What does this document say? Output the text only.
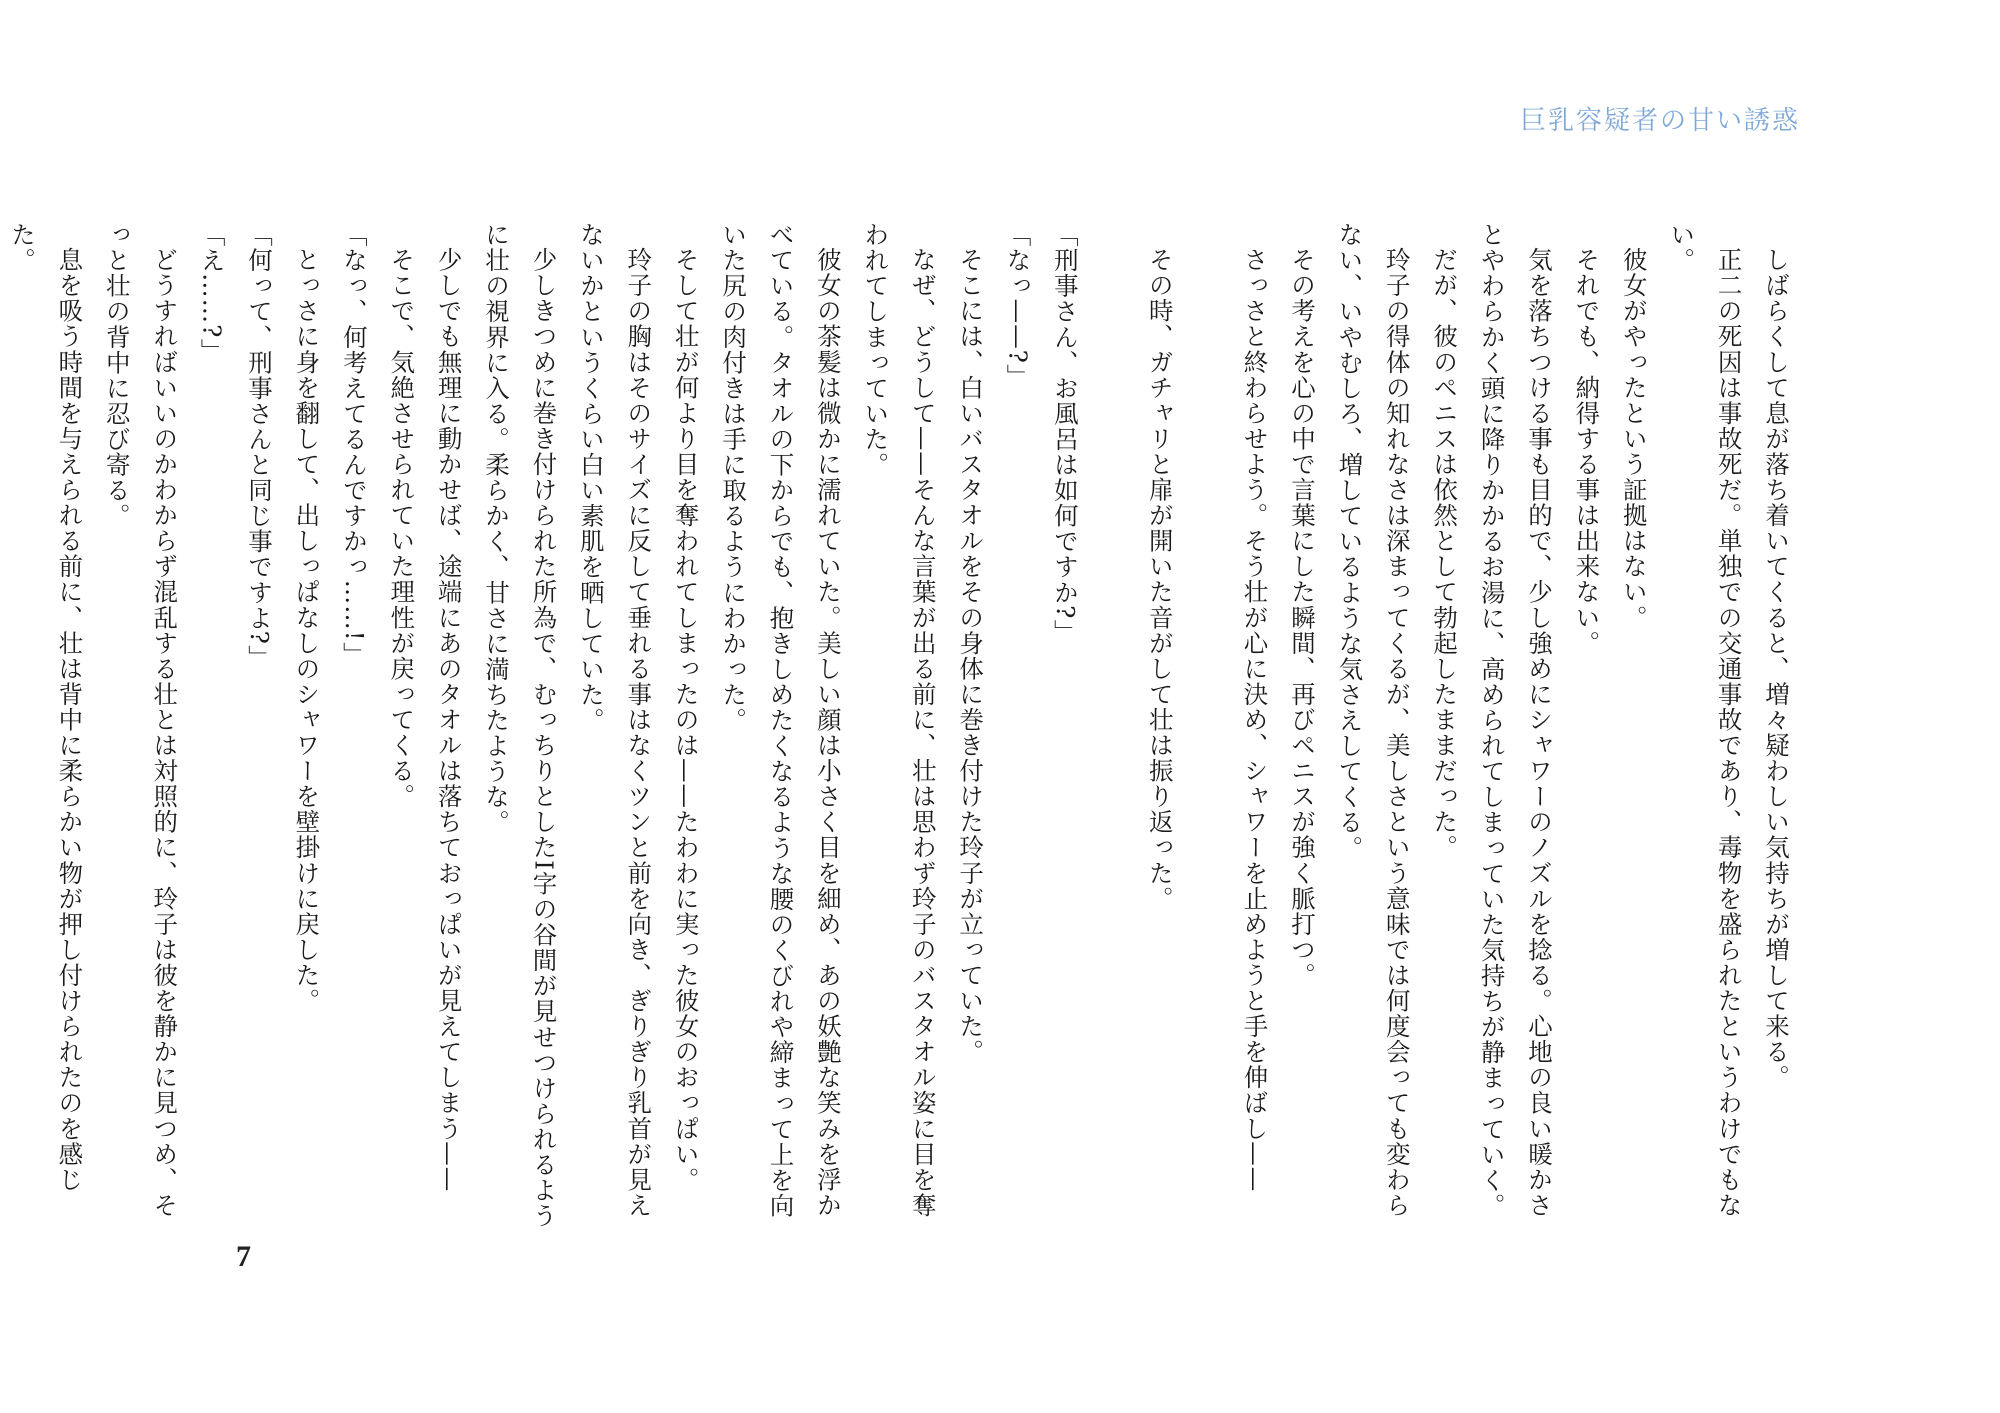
巨乳容疑者の甘い誘惑

しばらくして息が落ち着いてくると、増々疑わしい気持ちが増して来る。

正二の死因は事故死だ。単独での交通事故であり、毒物を盛られたというわけでもない。

彼女がやったという証拠はない。

それでも、納得する事は出来ない。

気を落ちつける事も目的で、少し強めにシャワーのノズルを捻る。心地の良い暖かさとやわらかく頭に降りかかるお湯に、高められてしまっていた気持ちが静まっていく。

だが、彼のペニスは依然として勃起したままだった。

玲子の得体の知れなさは深まってくるが、美しさという意味では何度会っても変わらない、いやむしろ、増しているような気さえしてくる。

その考えを心の中で言葉にした瞬間、再びペニスが強く脈打つ。

さっさと終わらせよう。そう壮が心に決め、シャワーを止めようと手を伸ばし——

その時、ガチャリと扉が開いた音がして壮は振り返った。

「刑事さん、お風呂は如何ですか?」

「なっ——?」

そこには、白いバスタオルをその身体に巻き付けた玲子が立っていた。

なぜ、どうして——そんな言葉が出る前に、壮は思わず玲子のバスタオル姿に目を奪われてしまっていた。

彼女の茶髪は微かに濡れていた。美しい顔は小さく目を細め、あの妖艶な笑みを浮かべている。タオルの下からでも、抱きしめたくなるような腰のくびれや締まって上を向いた尻の肉付きは手に取るようにわかった。

そして壮が何より目を奪われてしまったのは——たわわに実った彼女のおっぱい。

玲子の胸はそのサイズに反して垂れる事はなくツンと前を向き、ぎりぎり乳首が見えないかというくらい白い素肌を晒していた。

少しきつめに巻き付けられた所為で、むっちりとしたI字の谷間が見せつけられるように壮の視界に入る。柔らかく、甘さに満ちたような。

少しでも無理に動かせば、途端にあのタオルは落ちておっぱいが見えてしまう——

そこで、気絶させられていた理性が戻ってくる。

「なっ、何考えてるんですかっ……!」

とっさに身を翻して、出しっぱなしのシャワーを壁掛けに戻した。

「何って、刑事さんと同じ事ですよ?」

「え……?」

どうすればいいのかわからず混乱する壮とは対照的に、玲子は彼を静かに見つめ、そっと壮の背中に忍び寄る。

息を吸う時間を与えられる前に、壮は背中に柔らかい物が押し付けられたのを感じた。

7
